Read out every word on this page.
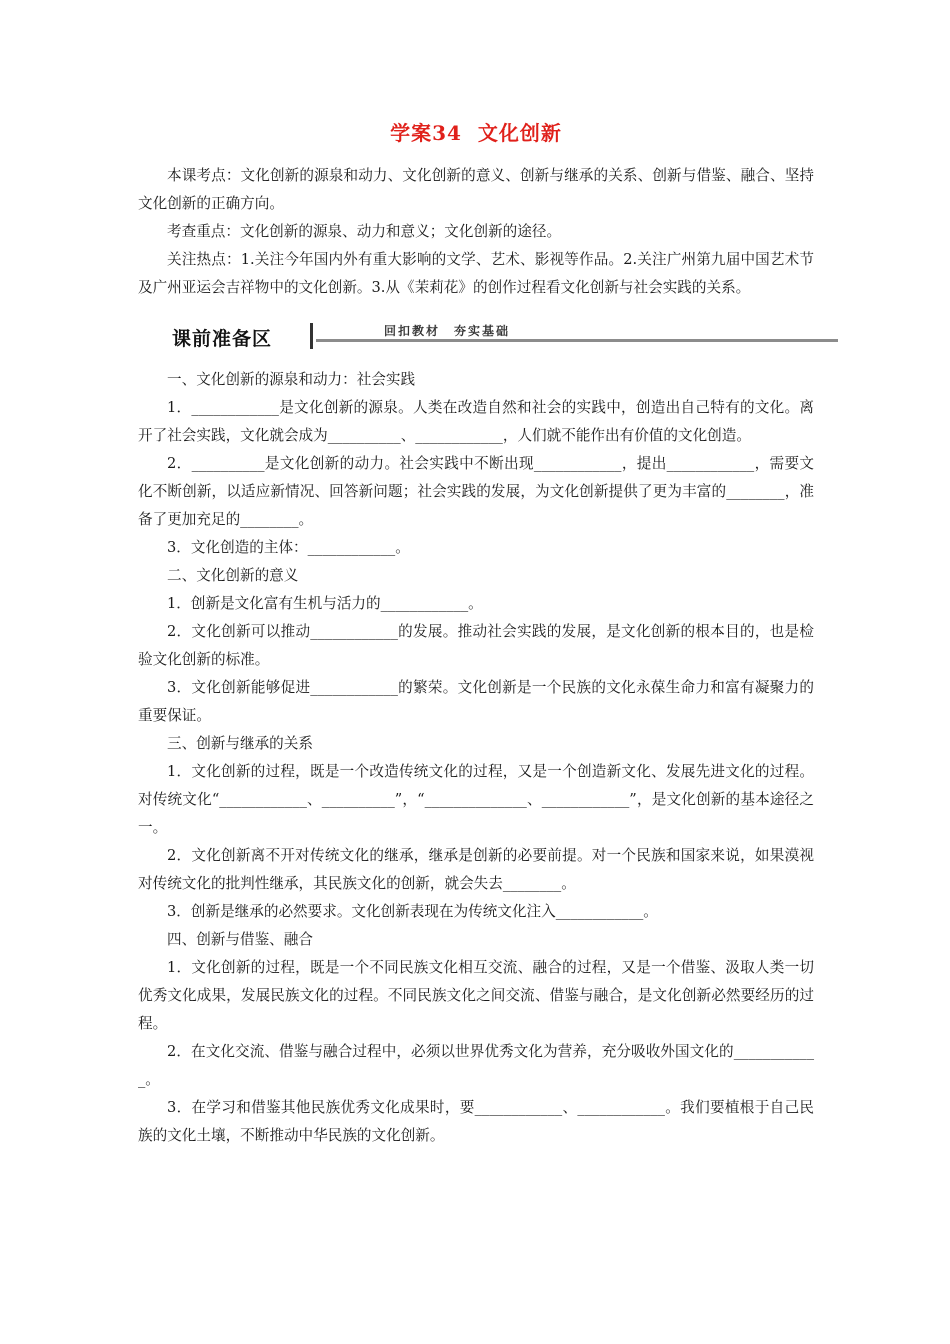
学案34 文化创新

本课考点：文化创新的源泉和动力、文化创新的意义、创新与继承的关系、创新与借鉴、融合、坚持文化创新的正确方向。

考查重点：文化创新的源泉、动力和意义；文化创新的途径。

关注热点：1.关注今年国内外有重大影响的文学、艺术、影视等作品。2.关注广州第九届中国艺术节及广州亚运会吉祥物中的文化创新。3.从《茉莉花》的创作过程看文化创新与社会实践的关系。

课前准备区	回扣教材 夯实基础

一、文化创新的源泉和动力：社会实践

1．____________是文化创新的源泉。人类在改造自然和社会的实践中，创造出自己特有的文化。离开了社会实践，文化就会成为__________、____________，人们就不能作出有价值的文化创造。

2．__________是文化创新的动力。社会实践中不断出现____________，提出____________，需要文化不断创新，以适应新情况、回答新问题；社会实践的发展，为文化创新提供了更为丰富的________，准备了更加充足的________。

3．文化创造的主体：____________。

二、文化创新的意义

1．创新是文化富有生机与活力的____________。

2．文化创新可以推动____________的发展。推动社会实践的发展，是文化创新的根本目的，也是检验文化创新的标准。

3．文化创新能够促进____________的繁荣。文化创新是一个民族的文化永葆生命力和富有凝聚力的重要保证。

三、创新与继承的关系

1．文化创新的过程，既是一个改造传统文化的过程，又是一个创造新文化、发展先进文化的过程。对传统文化“____________、__________”，“______________、____________”，是文化创新的基本途径之一。

2．文化创新离不开对传统文化的继承，继承是创新的必要前提。对一个民族和国家来说，如果漠视对传统文化的批判性继承，其民族文化的创新，就会失去________。

3．创新是继承的必然要求。文化创新表现在为传统文化注入____________。

四、创新与借鉴、融合

1．文化创新的过程，既是一个不同民族文化相互交流、融合的过程，又是一个借鉴、汲取人类一切优秀文化成果，发展民族文化的过程。不同民族文化之间交流、借鉴与融合，是文化创新必然要经历的过程。

2．在文化交流、借鉴与融合过程中，必须以世界优秀文化为营养，充分吸收外国文化的____________。

3．在学习和借鉴其他民族优秀文化成果时，要____________、____________。我们要植根于自己民族的文化土壤，不断推动中华民族的文化创新。
